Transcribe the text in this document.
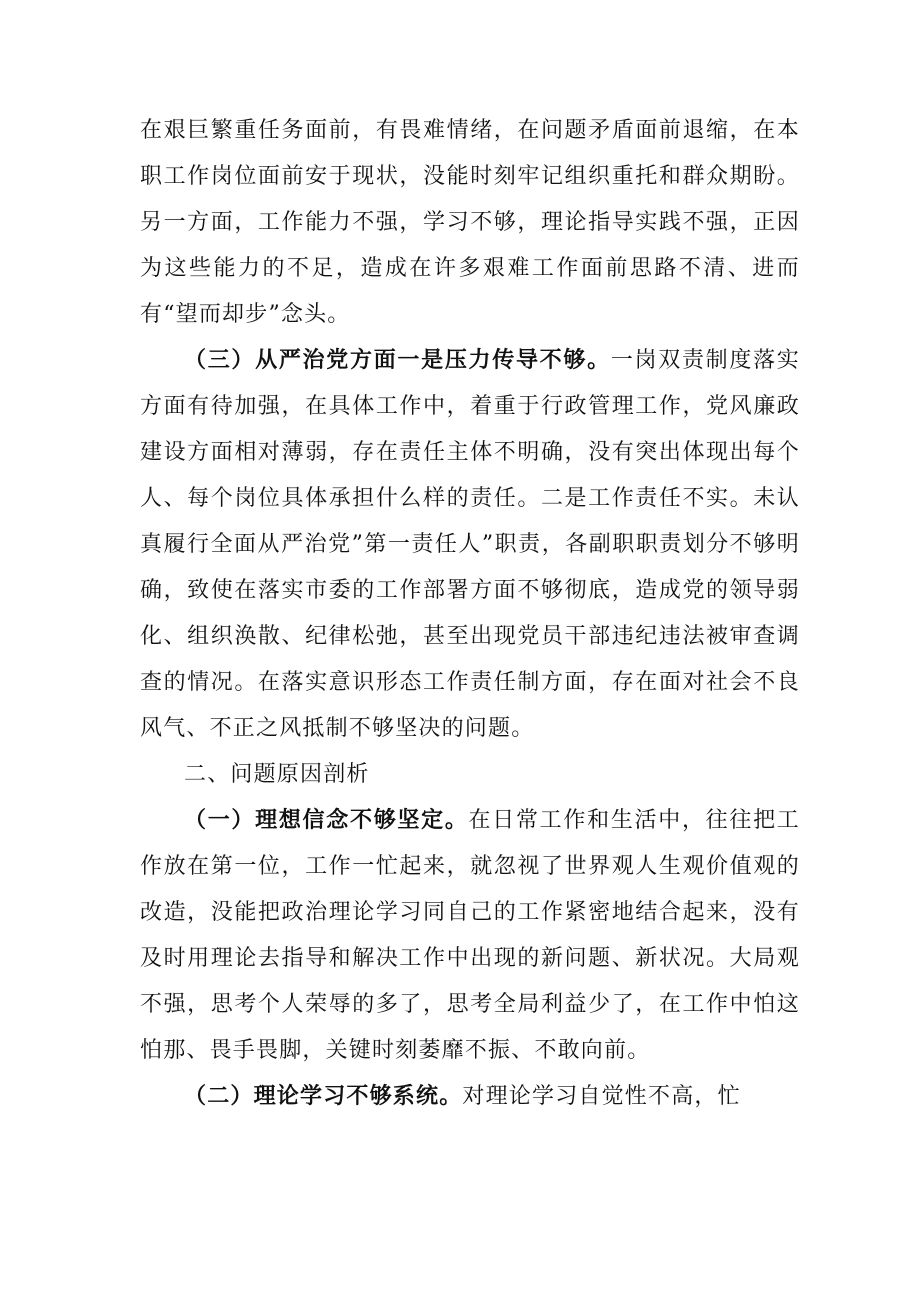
在艰巨繁重任务面前，有畏难情绪，在问题矛盾面前退缩，在本职工作岗位面前安于现状，没能时刻牢记组织重托和群众期盼。另一方面，工作能力不强，学习不够，理论指导实践不强，正因为这些能力的不足，造成在许多艰难工作面前思路不清、进而有“望而却步”念头。

（三）从严治党方面一是压力传导不够。一岗双责制度落实方面有待加强，在具体工作中，着重于行政管理工作，党风廉政建设方面相对薄弱，存在责任主体不明确，没有突出体现出每个人、每个岗位具体承担什么样的责任。二是工作责任不实。未认真履行全面从严治党”第一责任人”职责，各副职职责划分不够明确，致使在落实市委的工作部署方面不够彻底，造成党的领导弱化、组织涣散、纪律松弛，甚至出现党员干部违纪违法被审查调查的情况。在落实意识形态工作责任制方面，存在面对社会不良风气、不正之风抵制不够坚决的问题。

二、问题原因剖析

（一）理想信念不够坚定。在日常工作和生活中，往往把工作放在第一位，工作一忙起来，就忽视了世界观人生观价值观的改造，没能把政治理论学习同自己的工作紧密地结合起来，没有及时用理论去指导和解决工作中出现的新问题、新状况。大局观不强，思考个人荣辱的多了，思考全局利益少了，在工作中怕这怕那、畏手畏脚，关键时刻萎靡不振、不敢向前。

（二）理论学习不够系统。对理论学习自觉性不高，忙
